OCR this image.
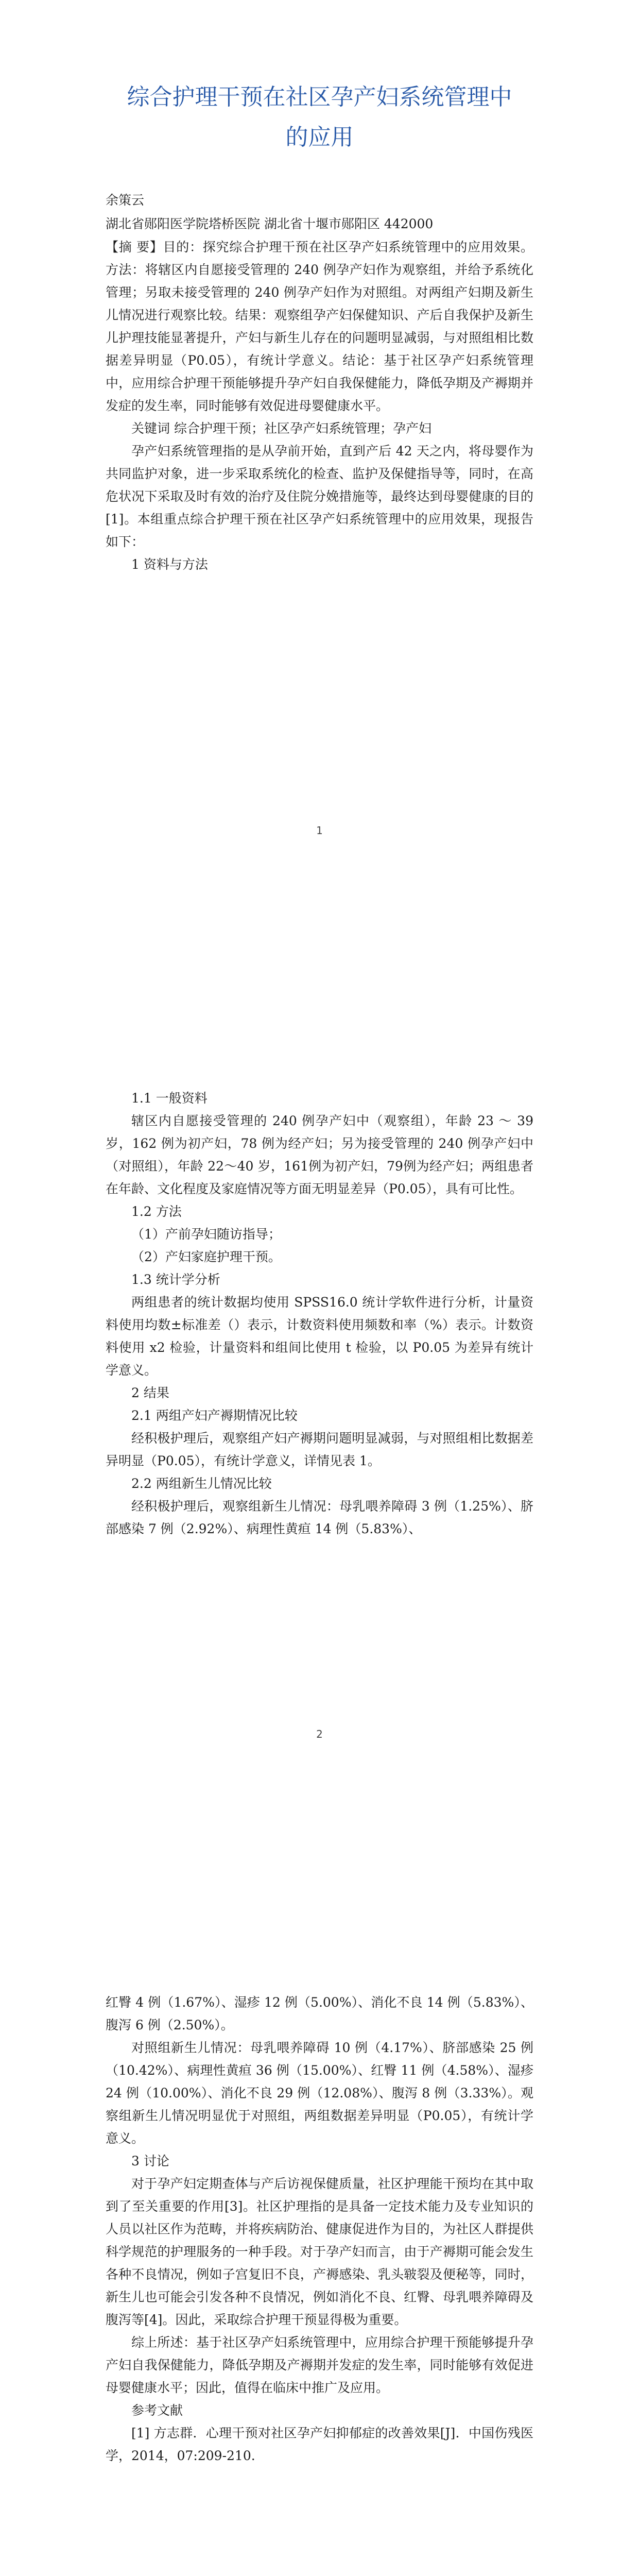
综合护理干预在社区孕产妇系统管理中的应用

余策云

湖北省郧阳医学院塔桥医院 湖北省十堰市郧阳区 442000

【摘 要】目的：探究综合护理干预在社区孕产妇系统管理中的应用效果。方法：将辖区内自愿接受管理的 240 例孕产妇作为观察组，并给予系统化管理；另取未接受管理的 240 例孕产妇作为对照组。对两组产妇期及新生儿情况进行观察比较。结果：观察组孕产妇保健知识、产后自我保护及新生儿护理技能显著提升，产妇与新生儿存在的问题明显减弱，与对照组相比数据差异明显（P0.05），有统计学意义。结论：基于社区孕产妇系统管理中，应用综合护理干预能够提升孕产妇自我保健能力，降低孕期及产褥期并发症的发生率，同时能够有效促进母婴健康水平。

关键词 综合护理干预；社区孕产妇系统管理；孕产妇

孕产妇系统管理指的是从孕前开始，直到产后 42 天之内，将母婴作为共同监护对象，进一步采取系统化的检查、监护及保健指导等，同时，在高危状况下采取及时有效的治疗及住院分娩措施等，最终达到母婴健康的目的[1]。本组重点综合护理干预在社区孕产妇系统管理中的应用效果，现报告如下：

1 资料与方法

1

1.1 一般资料

辖区内自愿接受管理的 240 例孕产妇中（观察组），年龄 23 ～ 39 岁，162 例为初产妇，78 例为经产妇；另为接受管理的 240 例孕产妇中（对照组），年龄 22～40 岁，161例为初产妇，79例为经产妇；两组患者在年龄、文化程度及家庭情况等方面无明显差异（P0.05），具有可比性。

1.2 方法

（1）产前孕妇随访指导；

（2）产妇家庭护理干预。

1.3 统计学分析

两组患者的统计数据均使用 SPSS16.0 统计学软件进行分析，计量资料使用均数±标准差（）表示，计数资料使用频数和率（%）表示。计数资料使用 x2 检验，计量资料和组间比使用 t 检验，以 P0.05 为差异有统计学意义。

2 结果

2.1 两组产妇产褥期情况比较

经积极护理后，观察组产妇产褥期问题明显减弱，与对照组相比数据差异明显（P0.05），有统计学意义，详情见表 1。

2.2 两组新生儿情况比较

经积极护理后，观察组新生儿情况：母乳喂养障碍 3 例（1.25%）、脐部感染 7 例（2.92%）、病理性黄疸 14 例（5.83%）、

2

红臀 4 例（1.67%）、湿疹 12 例（5.00%）、消化不良 14 例（5.83%）、腹泻 6 例（2.50%）。

对照组新生儿情况：母乳喂养障碍 10 例（4.17%）、脐部感染 25 例（10.42%）、病理性黄疸 36 例（15.00%）、红臀 11 例（4.58%）、湿疹 24 例（10.00%）、消化不良 29 例（12.08%）、腹泻 8 例（3.33%）。观察组新生儿情况明显优于对照组，两组数据差异明显（P0.05），有统计学意义。

3 讨论

对于孕产妇定期查体与产后访视保健质量，社区护理能干预均在其中取到了至关重要的作用[3]。社区护理指的是具备一定技术能力及专业知识的人员以社区作为范畴，并将疾病防治、健康促进作为目的，为社区人群提供科学规范的护理服务的一种手段。对于孕产妇而言，由于产褥期可能会发生各种不良情况，例如子宫复旧不良，产褥感染、乳头皲裂及便秘等，同时，新生儿也可能会引发各种不良情况，例如消化不良、红臀、母乳喂养障碍及腹泻等[4]。因此，采取综合护理干预显得极为重要。

综上所述：基于社区孕产妇系统管理中，应用综合护理干预能够提升孕产妇自我保健能力，降低孕期及产褥期并发症的发生率，同时能够有效促进母婴健康水平；因此，值得在临床中推广及应用。

参考文献

[1] 方志群．心理干预对社区孕产妇抑郁症的改善效果[J]．中国伤残医学，2014，07:209-210.
